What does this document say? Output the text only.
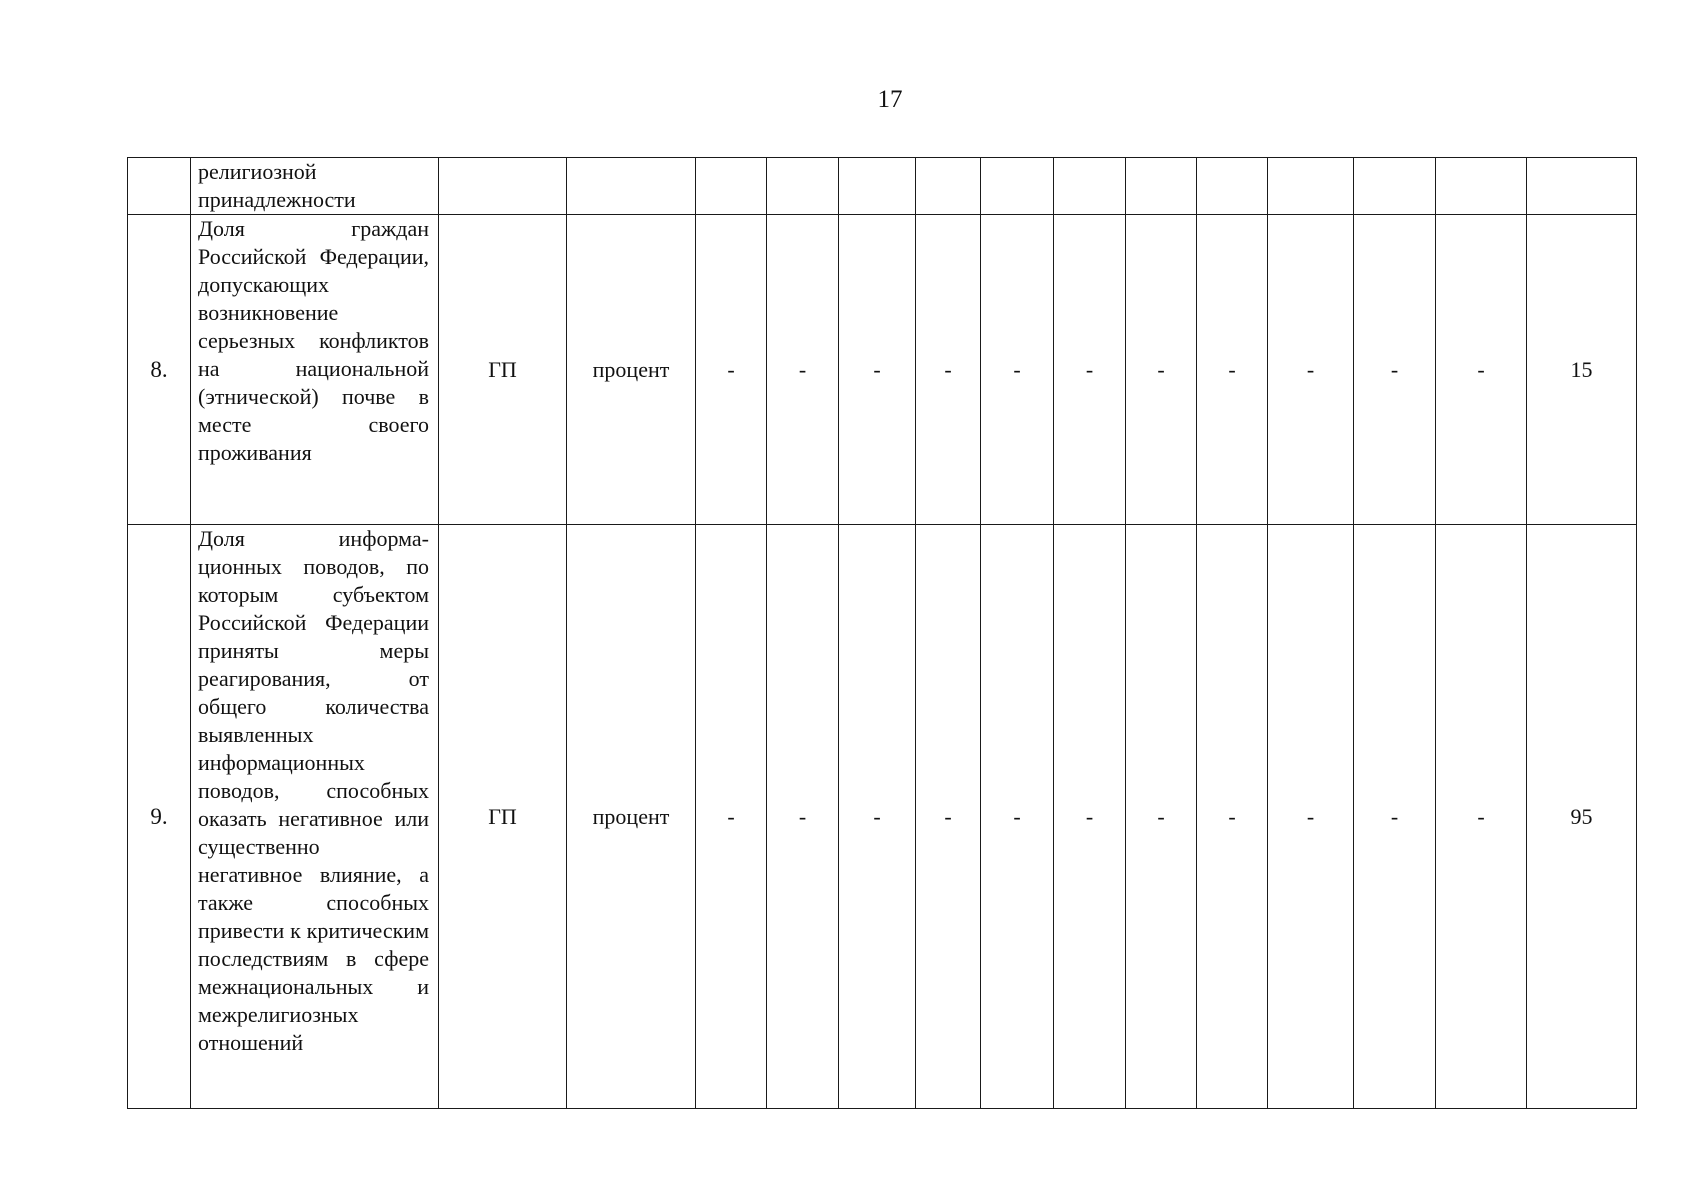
17
	религиозной принадлежности														
8.	Доля граждан Российской Федерации, допускающих возникновение серьезных конфликтов на национальной (этнической) почве в месте своего проживания	ГП	процент	-	-	-	-	-	-	-	-	-	-	-	15
9.	Доля информа- ционных поводов, по которым субъектом Российской Федерации приняты меры реагирования, от общего количества выявленных информационных поводов, способных оказать негативное или существенно негативное влияние, а также способных привести к критическим последствиям в сфере межнациональных и межрелигиозных отношений	ГП	процент	-	-	-	-	-	-	-	-	-	-	-	95
